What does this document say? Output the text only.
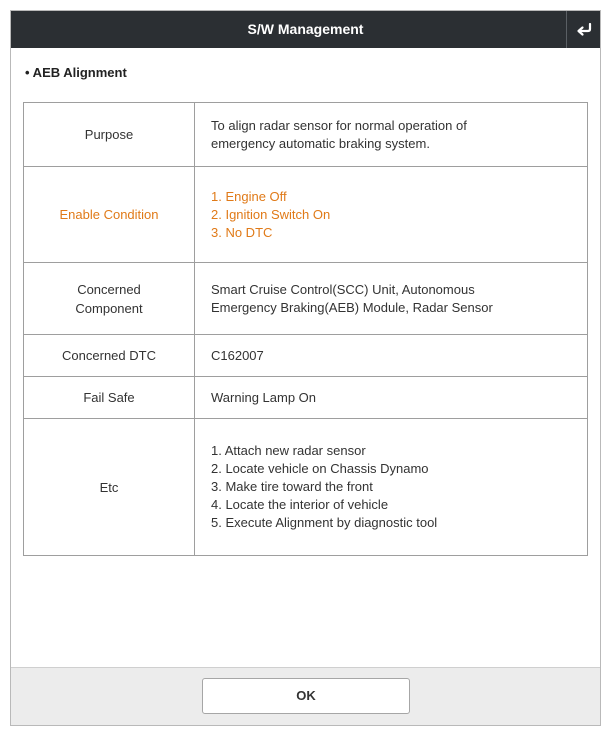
S/W Management
• AEB Alignment
Purpose	To align radar sensor for normal operation of
emergency automatic braking system.

Enable Condition	1. Engine Off
2. Ignition Switch On
3. No DTC

Concerned
Component	Smart Cruise Control(SCC) Unit, Autonomous
Emergency Braking(AEB) Module, Radar Sensor

Concerned DTC	C162007

Fail Safe	Warning Lamp On

Etc	1. Attach new radar sensor
2. Locate vehicle on Chassis Dynamo
3. Make tire toward the front
4. Locate the interior of vehicle
5. Execute Alignment by diagnostic tool
OK
